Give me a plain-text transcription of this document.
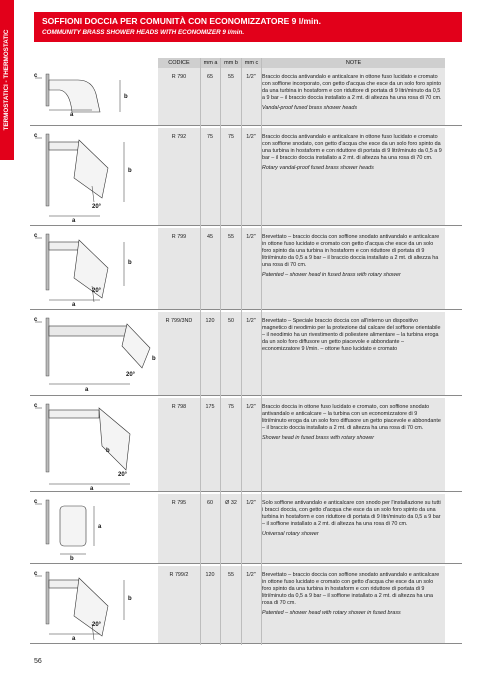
TERMOSTATICI - THERMOSTATIC
SOFFIONI DOCCIA PER COMUNITÀ CON ECONOMIZZATORE 9 l/min.
COMMUNITY BRASS SHOWER HEADS WITH ECONOMIZER 9 l/min.
CODICE	mm a	mm b	mm c	NOTE
c
a
b
R 790	65	55	1/2"	Braccio doccia antivandalo e anticalcare in ottone fuso lucidato e cromato con soffione incorporato, con getto d'acqua che esce da un solo foro spinto da una turbina in hostaform e con riduttore di portata di 9 litri/minuto da 0,5 a 9 bar – il braccio doccia installato a 2 mt. di altezza ha una rosa di 70 cm.
Vandal-proof fused brass shower heads
c
20°
a
b
R 792	75	75	1/2"	Braccio doccia antivandalo e anticalcare in ottone fuso lucidato e cromato con soffione snodato, con getto d'acqua che esce da un solo foro spinto da una turbina in hostaform e con riduttore di portata di 9 litri/minuto da 0,5 a 9 bar – il braccio doccia installato a 2 mt. di altezza ha una rosa di 70 cm.
Rotary vandal-proof fused brass shower heads
c
20°
a
b
R 799	45	55	1/2"	Brevettato – braccio doccia con soffione snodato antivandalo e anticalcare in ottone fuso lucidato e cromato con getto d'acqua che esce da un solo foro spinto da una turbina in hostaform e con riduttore di portata di 9 litri/minuto da 0,5 a 9 bar – il braccio doccia installato a 2 mt. di altezza ha una rosa di 70 cm.
Patented – shower head in fused brass with rotary shower
c
20°
a
b
R 799/3ND	120	50	1/2"	Brevettato – Speciale braccio doccia con all'interno un dispositivo magnetico di neodimio per la protezione dal calcare del soffione orientabile – il neodimio ha un rivestimento di poliestere alimentare – la turbina eroga da un solo foro diffusore un getto piacevole e abbondante – economizzatore 9 l/min. – ottone fuso lucidato e cromato
c
20°
a
b
R 798	175	75	1/2"	Braccio doccia in ottone fuso lucidato e cromato, con soffione snodato antivandalo e anticalcare – la turbina con un economizzatore di 9 litri/minuto eroga da un solo foro diffusore un getto piacevole e abbondante – il braccio doccia installato a 2 mt. di altezza ha una rosa di 70 cm.
Shower head in fused brass with rotary shower
c
b
a
R 795	60	Ø 32	1/2"	Solo soffione antivandalo e anticalcare con snodo per l'installazione su tutti i bracci doccia, con getto d'acqua che esce da un solo foro spinto da una turbina in hostaform e con riduttore di portata di 9 litri/minuto da 0,5 a 9 bar – il soffione installato a 2 mt. di altezza ha una rosa di 70 cm.
Universal rotary shower
c
20°
a
b
R 799/2	120	55	1/2"	Brevettato – braccio doccia con soffione snodato antivandalo e anticalcare in ottone fuso lucidato e cromato con getto d'acqua che esce da un solo foro spinto da una turbina in hostaform e con riduttore di portata di 9 litri/minuto da 0,5 a 9 bar – il soffione installato a 2 mt. di altezza ha una rosa di 70 cm.
Patented – shower head with rotary shower in fused brass
56
